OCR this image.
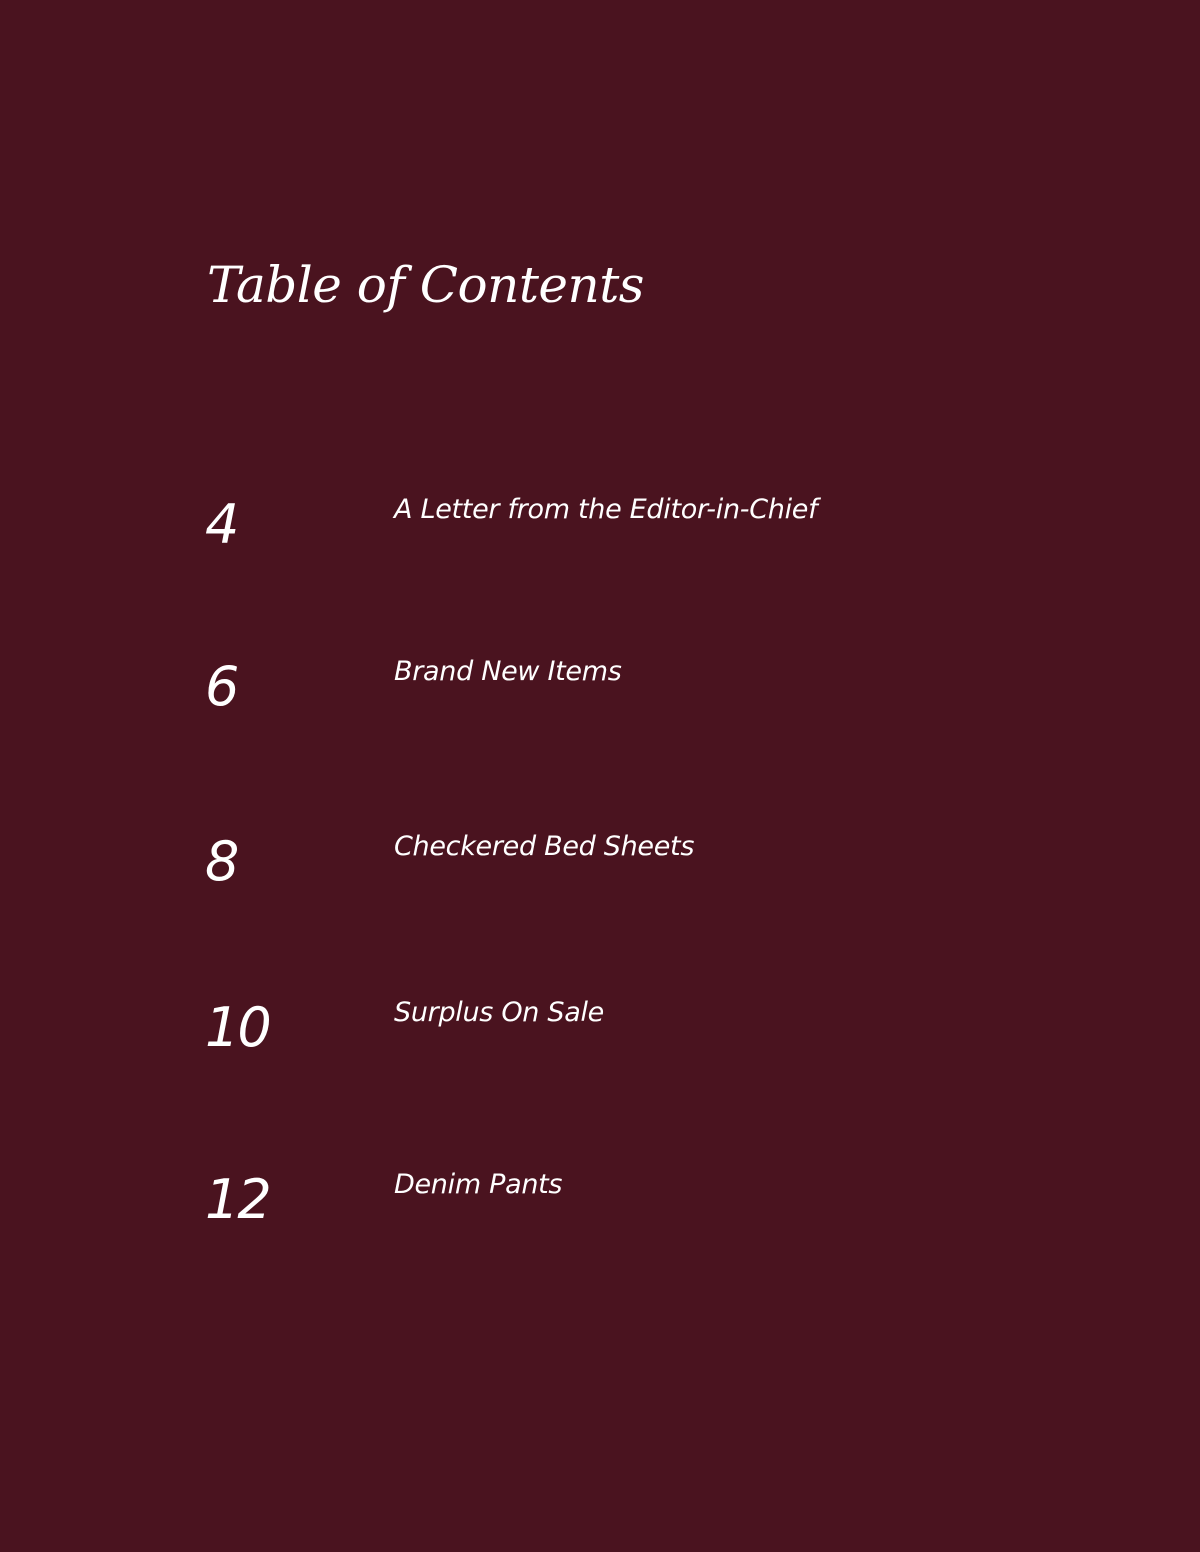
Table of Contents
4	A Letter from the Editor-in-Chief
6	Brand New Items
8	Checkered Bed Sheets
10	Surplus On Sale
12	Denim Pants
